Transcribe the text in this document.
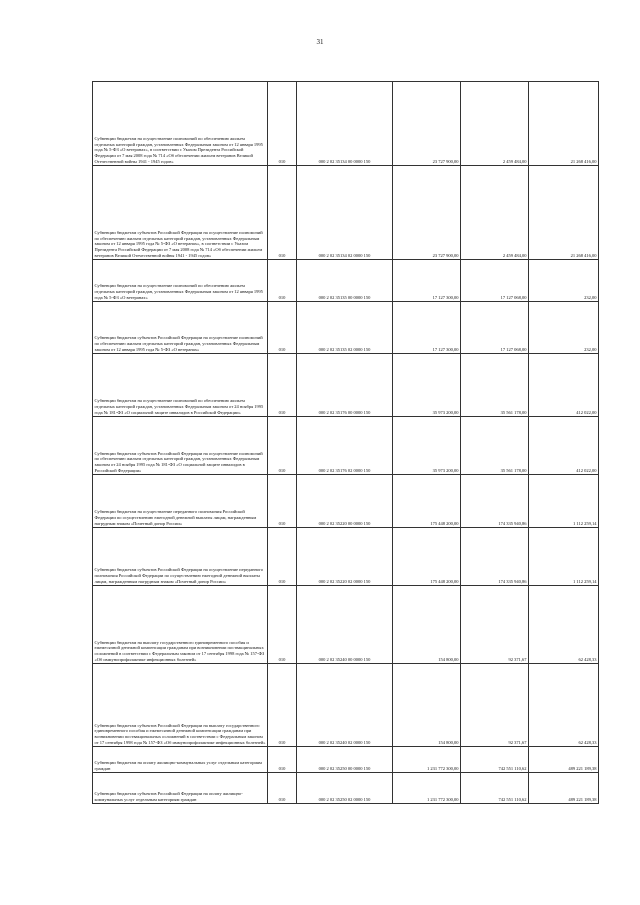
31
Субвенции бюджетам на осуществление полномочий по обеспечению жильем отдельных категорий граждан, установленных Федеральным законом от 12 января 1995 года № 5-ФЗ «О ветеранах», в соответствии с Указом Президента Российской Федерации от 7 мая 2008 года № 714 «Об обеспечении жильем ветеранов Великой Отечественной войны 1941 - 1945 годов»	010	000 2 02 35134 00 0000 150	23 727 900,00	2 459 484,00	21 268 416,00
Субвенции бюджетам субъектов Российской Федерации на осуществление полномочий по обеспечению жильем отдельных категорий граждан, установленных Федеральным законом от 12 января 1995 года № 5-ФЗ «О ветеранах», в соответствии с Указом Президента Российской Федерации от 7 мая 2008 года № 714 «Об обеспечении жильем ветеранов Великой Отечественной войны 1941 - 1945 годов»	010	000 2 02 35134 02 0000 150	23 727 900,00	2 459 484,00	21 268 416,00
Субвенции бюджетам на осуществление полномочий по обеспечению жильем отдельных категорий граждан, установленных Федеральным законом от 12 января 1995 года № 5-ФЗ «О ветеранах»	010	000 2 02 35135 00 0000 150	17 127 300,00	17 127 068,00	232,00
Субвенции бюджетам субъектов Российской Федерации на осуществление полномочий по обеспечению жильем отдельных категорий граждан, установленных Федеральным законом от 12 января 1995 года № 5-ФЗ «О ветеранах»	010	000 2 02 35135 02 0000 150	17 127 300,00	17 127 068,00	232,00
Субвенции бюджетам на осуществление полномочий по обеспечению жильем отдельных категорий граждан, установленных Федеральным законом от 24 ноября 1995 года № 181-ФЗ «О социальной защите инвалидов в Российской Федерации»	010	000 2 02 35176 00 0000 150	35 973 200,00	35 561 178,00	412 022,00
Субвенции бюджетам субъектов Российской Федерации на осуществление полномочий по обеспечению жильем отдельных категорий граждан, установленных Федеральным законом от 24 ноября 1995 года № 181-ФЗ «О социальной защите инвалидов в Российской Федерации»	010	000 2 02 35176 02 0000 150	35 973 200,00	35 561 178,00	412 022,00
Субвенции бюджетам на осуществление переданного полномочия Российской Федерации по осуществлению ежегодной денежной выплаты лицам, награжденным нагрудным знаком «Почетный донор России»	010	000 2 02 35220 00 0000 150	175 448 200,00	174 335 940,86	1 112 259,14
Субвенции бюджетам субъектов Российской Федерации на осуществление переданного полномочия Российской Федерации по осуществлению ежегодной денежной выплаты лицам, награжденным нагрудным знаком «Почетный донор России»	010	000 2 02 35220 02 0000 150	175 448 200,00	174 335 940,86	1 112 259,14
Субвенции бюджетам на выплату государственного единовременного пособия и ежемесячной денежной компенсации гражданам при возникновении поствакцинальных осложнений в соответствии с Федеральным законом от 17 сентября 1998 года № 157-ФЗ «Об иммунопрофилактике инфекционных болезней»	010	000 2 02 35240 00 0000 150	154 800,00	92 371,67	62 428,33
Субвенции бюджетам субъектов Российской Федерации на выплату государственного единовременного пособия и ежемесячной денежной компенсации гражданам при возникновении поствакцинальных осложнений в соответствии с Федеральным законом от 17 сентября 1998 года № 157-ФЗ «Об иммунопрофилактике инфекционных болезней»	010	000 2 02 35240 02 0000 150	154 800,00	92 371,67	62 428,33
Субвенции бюджетам на оплату жилищно-коммунальных услуг отдельным категориям граждан	010	000 2 02 35250 00 0000 150	1 231 772 300,00	742 551 110,62	489 221 189,38
Субвенции бюджетам субъектов Российской Федерации на оплату жилищно-коммунальных услуг отдельным категориям граждан	010	000 2 02 35250 02 0000 150	1 231 772 300,00	742 551 110,62	489 221 189,38
